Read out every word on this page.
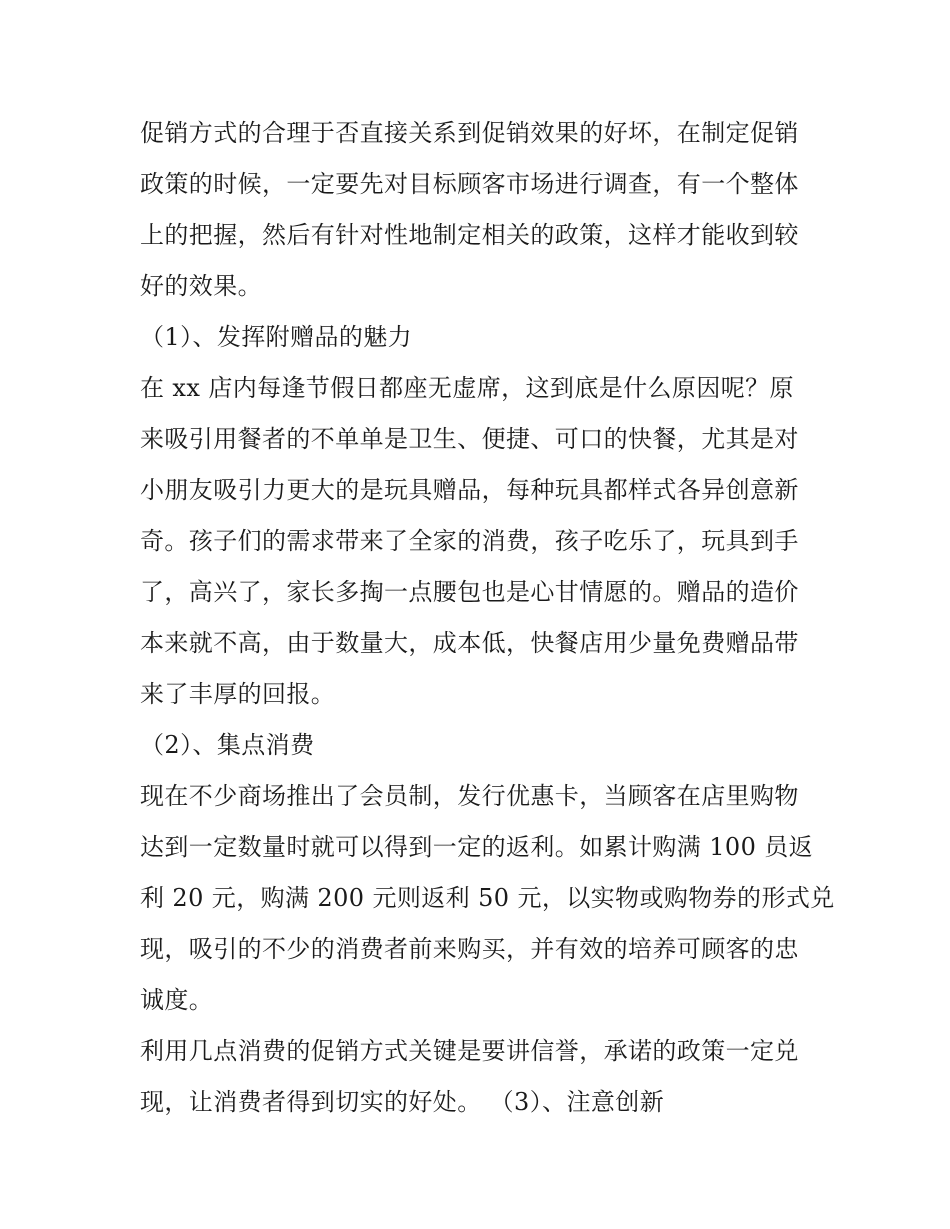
促销方式的合理于否直接关系到促销效果的好坏，在制定促销
政策的时候，一定要先对目标顾客市场进行调查，有一个整体
上的把握，然后有针对性地制定相关的政策，这样才能收到较
好的效果。
（1）、发挥附赠品的魅力
在 xx 店内每逢节假日都座无虚席，这到底是什么原因呢？原
来吸引用餐者的不单单是卫生、便捷、可口的快餐，尤其是对
小朋友吸引力更大的是玩具赠品，每种玩具都样式各异创意新
奇。孩子们的需求带来了全家的消费，孩子吃乐了，玩具到手
了，高兴了，家长多掏一点腰包也是心甘情愿的。赠品的造价
本来就不高，由于数量大，成本低，快餐店用少量免费赠品带
来了丰厚的回报。
（2）、集点消费
现在不少商场推出了会员制，发行优惠卡，当顾客在店里购物
达到一定数量时就可以得到一定的返利。如累计购满 100 员返
利 20 元，购满 200 元则返利 50 元，以实物或购物券的形式兑
现，吸引的不少的消费者前来购买，并有效的培养可顾客的忠
诚度。
利用几点消费的促销方式关键是要讲信誉，承诺的政策一定兑
现，让消费者得到切实的好处。 （3）、注意创新
